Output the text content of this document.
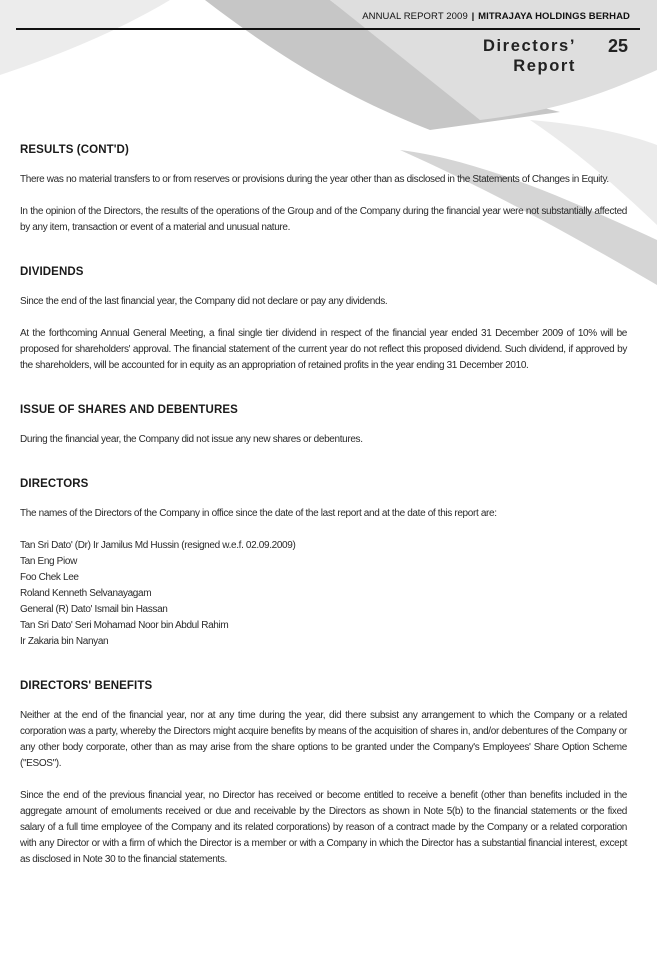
ANNUAL REPORT 2009 | MITRAJAYA HOLDINGS BERHAD
Directors’
Report
25
RESULTS (CONT'D)

There was no material transfers to or from reserves or provisions during the year other than as disclosed in the Statements of Changes in Equity.

In the opinion of the Directors, the results of the operations of the Group and of the Company during the financial year were not substantially affected by any item, transaction or event of a material and unusual nature.

DIVIDENDS

Since the end of the last financial year, the Company did not declare or pay any dividends.

At the forthcoming Annual General Meeting, a final single tier dividend in respect of the financial year ended 31 December 2009 of 10% will be proposed for shareholders' approval. The financial statement of the current year do not reflect this proposed dividend. Such dividend, if approved by the shareholders, will be accounted for in equity as an appropriation of retained profits in the year ending 31 December 2010.

ISSUE OF SHARES AND DEBENTURES

During the financial year, the Company did not issue any new shares or debentures.

DIRECTORS

The names of the Directors of the Company in office since the date of the last report and at the date of this report are:

Tan Sri Dato' (Dr) Ir Jamilus Md Hussin (resigned w.e.f. 02.09.2009)
Tan Eng Piow
Foo Chek Lee
Roland Kenneth Selvanayagam
General (R) Dato' Ismail bin Hassan
Tan Sri Dato' Seri Mohamad Noor bin Abdul Rahim
Ir Zakaria bin Nanyan
DIRECTORS' BENEFITS

Neither at the end of the financial year, nor at any time during the year, did there subsist any arrangement to which the Company or a related corporation was a party, whereby the Directors might acquire benefits by means of the acquisition of shares in, and/or debentures of the Company or any other body corporate, other than as may arise from the share options to be granted under the Company's Employees' Share Option Scheme ("ESOS").

Since the end of the previous financial year, no Director has received or become entitled to receive a benefit (other than benefits included in the aggregate amount of emoluments received or due and receivable by the Directors as shown in Note 5(b) to the financial statements or the fixed salary of a full time employee of the Company and its related corporations) by reason of a contract made by the Company or a related corporation with any Director or with a firm of which the Director is a member or with a Company in which the Director has a substantial financial interest, except as disclosed in Note 30 to the financial statements.
